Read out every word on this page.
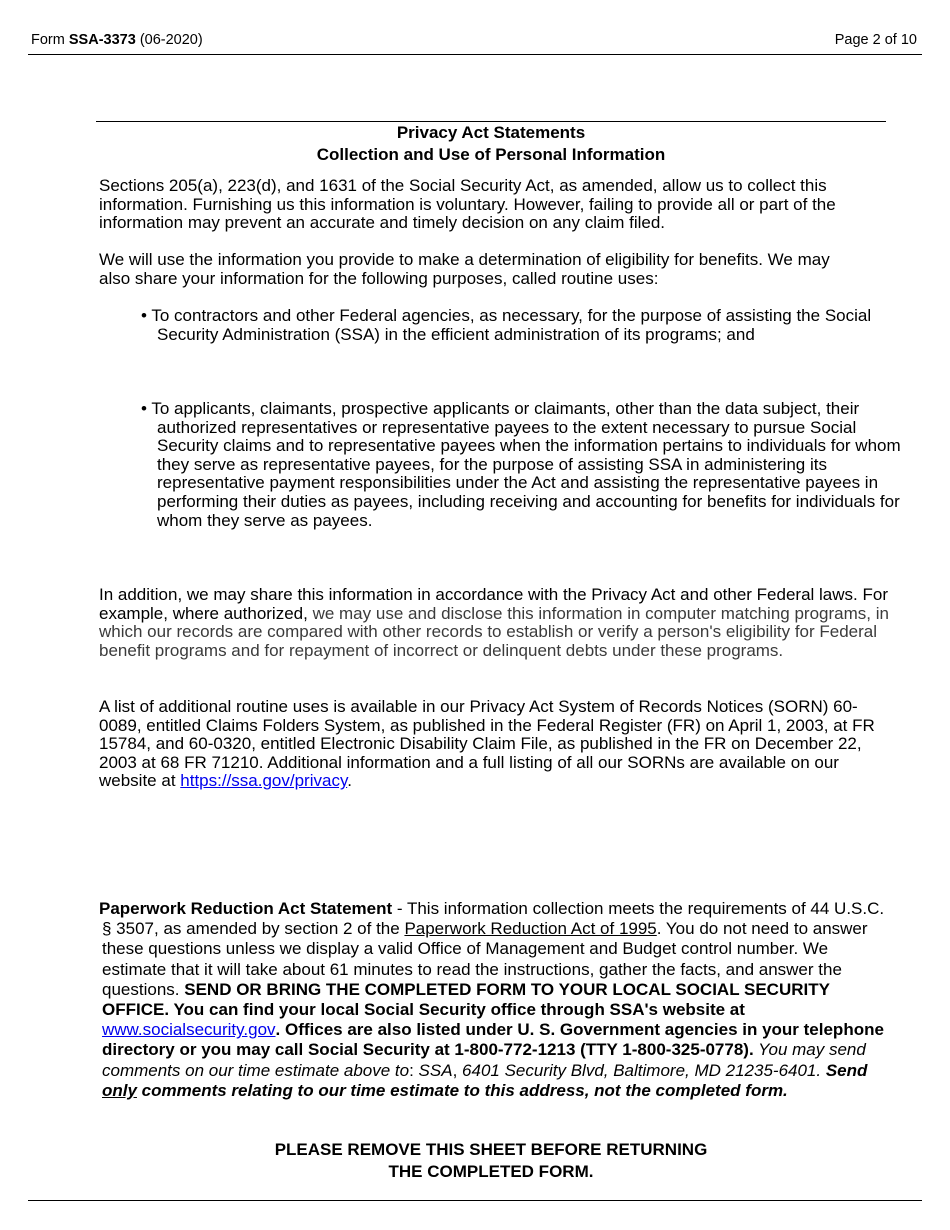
Form SSA-3373 (06-2020)	Page 2 of 10
Privacy Act Statements
Collection and Use of Personal Information

Sections 205(a), 223(d), and 1631 of the Social Security Act, as amended, allow us to collect this information. Furnishing us this information is voluntary. However, failing to provide all or part of the information may prevent an accurate and timely decision on any claim filed.

We will use the information you provide to make a determination of eligibility for benefits. We may also share your information for the following purposes, called routine uses:

• To contractors and other Federal agencies, as necessary, for the purpose of assisting the Social Security Administration (SSA) in the efficient administration of its programs; and

• To applicants, claimants, prospective applicants or claimants, other than the data subject, their authorized representatives or representative payees to the extent necessary to pursue Social Security claims and to representative payees when the information pertains to individuals for whom they serve as representative payees, for the purpose of assisting SSA in administering its representative payment responsibilities under the Act and assisting the representative payees in performing their duties as payees, including receiving and accounting for benefits for individuals for whom they serve as payees.

In addition, we may share this information in accordance with the Privacy Act and other Federal laws. For example, where authorized, we may use and disclose this information in computer matching programs, in which our records are compared with other records to establish or verify a person's eligibility for Federal benefit programs and for repayment of incorrect or delinquent debts under these programs.

A list of additional routine uses is available in our Privacy Act System of Records Notices (SORN) 60-0089, entitled Claims Folders System, as published in the Federal Register (FR) on April 1, 2003, at FR 15784, and 60-0320, entitled Electronic Disability Claim File, as published in the FR on December 22, 2003 at 68 FR 71210. Additional information and a full listing of all our SORNs are available on our website at https://ssa.gov/privacy.

Paperwork Reduction Act Statement - This information collection meets the requirements of 44 U.S.C. § 3507, as amended by section 2 of the Paperwork Reduction Act of 1995. You do not need to answer these questions unless we display a valid Office of Management and Budget control number. We estimate that it will take about 61 minutes to read the instructions, gather the facts, and answer the questions. SEND OR BRING THE COMPLETED FORM TO YOUR LOCAL SOCIAL SECURITY OFFICE. You can find your local Social Security office through SSA's website at www.socialsecurity.gov. Offices are also listed under U. S. Government agencies in your telephone directory or you may call Social Security at 1-800-772-1213 (TTY 1-800-325-0778). You may send comments on our time estimate above to: SSA, 6401 Security Blvd, Baltimore, MD 21235-6401. Send only comments relating to our time estimate to this address, not the completed form.

PLEASE REMOVE THIS SHEET BEFORE RETURNING
THE COMPLETED FORM.
